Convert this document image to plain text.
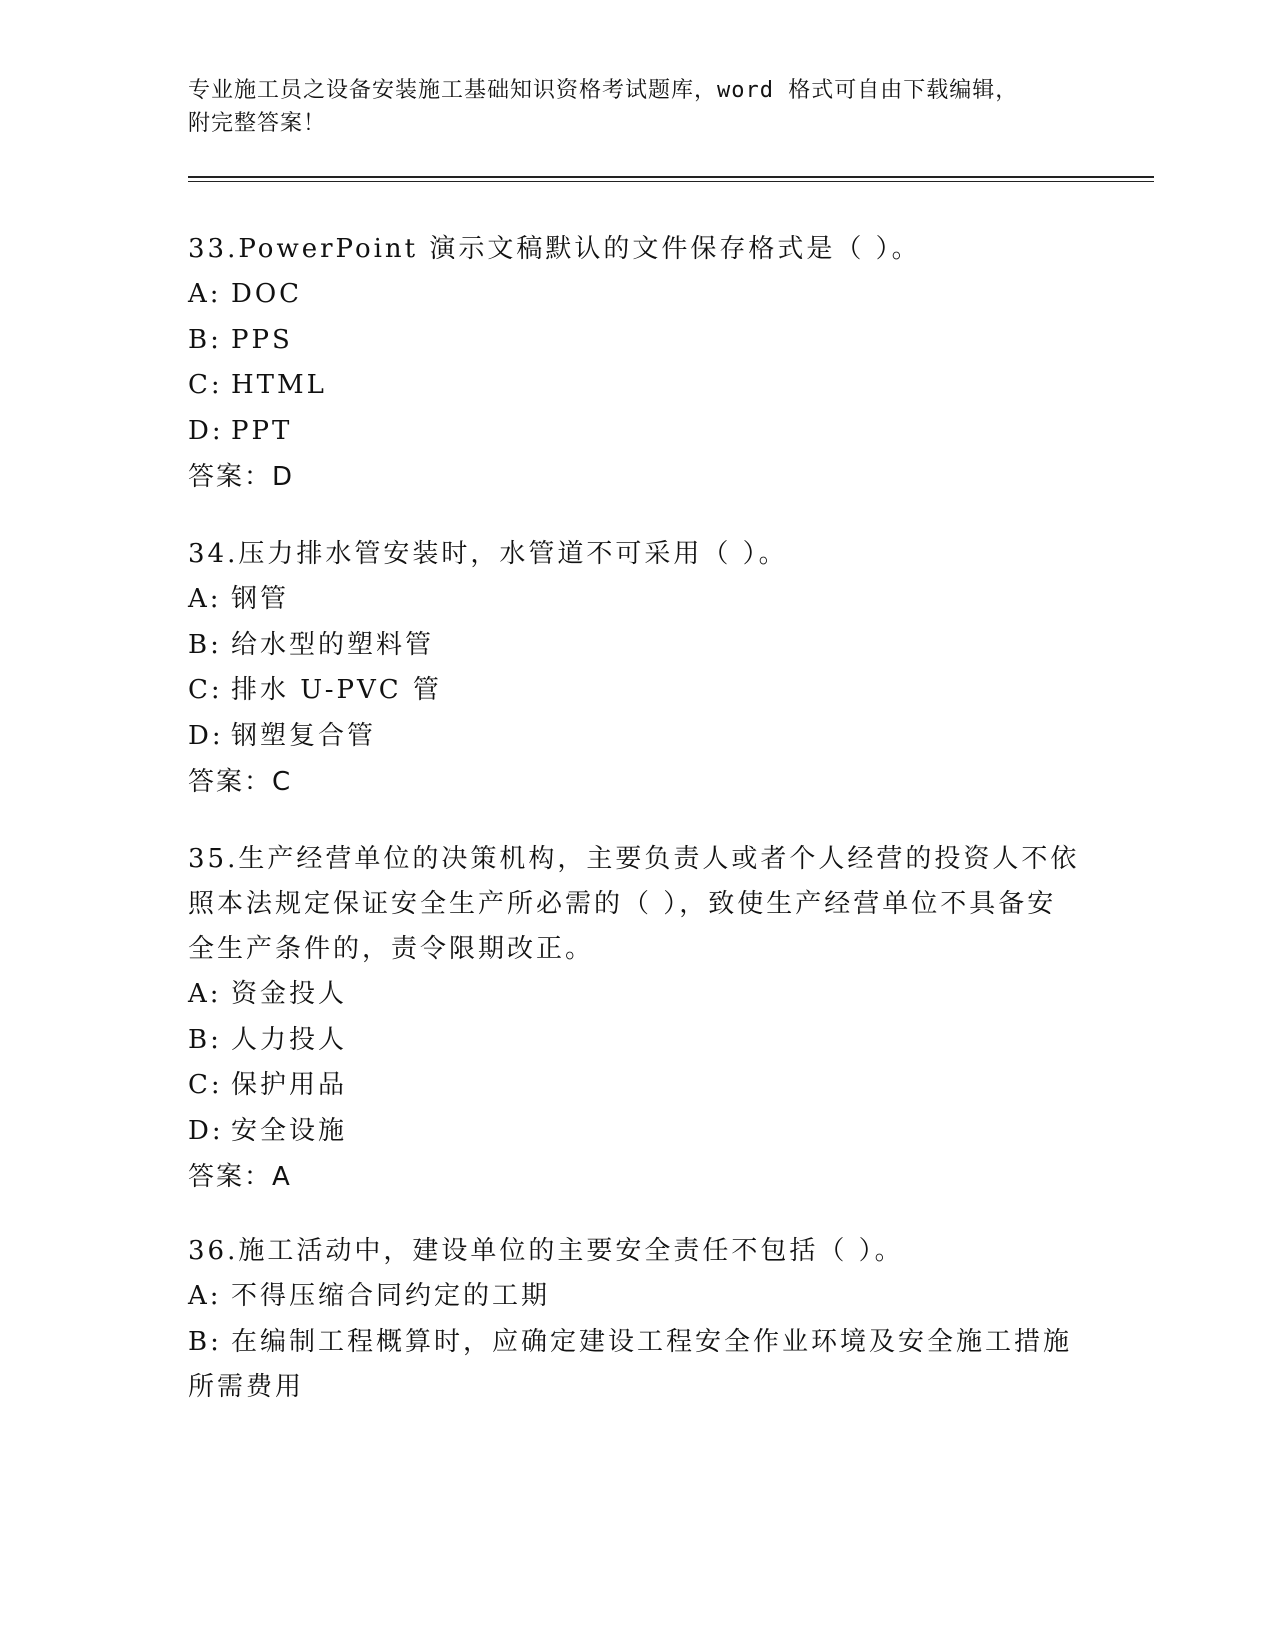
专业施工员之设备安装施工基础知识资格考试题库，word 格式可自由下载编辑，
附完整答案！
33.PowerPoint 演示文稿默认的文件保存格式是（ ）。
A: DOC
B: PPS
C: HTML
D: PPT
答案：D
34.压力排水管安装时，水管道不可采用（ ）。
A: 钢管
B: 给水型的塑料管
C: 排水 U-PVC 管
D: 钢塑复合管
答案：C
35.生产经营单位的决策机构，主要负责人或者个人经营的投资人不依
照本法规定保证安全生产所必需的（ ），致使生产经营单位不具备安
全生产条件的，责令限期改正。
A: 资金投人
B: 人力投人
C: 保护用品
D: 安全设施
答案：A
36.施工活动中，建设单位的主要安全责任不包括（ ）。
A: 不得压缩合同约定的工期
B: 在编制工程概算时，应确定建设工程安全作业环境及安全施工措施
所需费用
